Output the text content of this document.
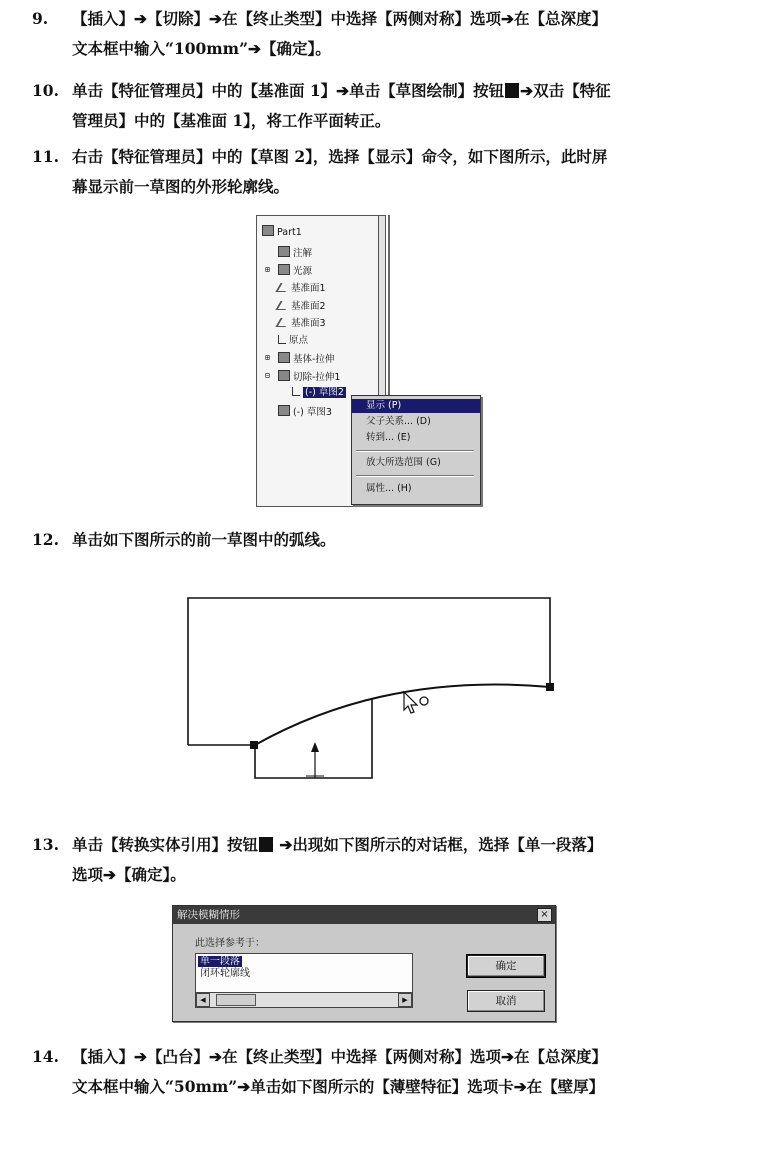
9.	【插入】➔【切除】➔在【终止类型】中选择【两侧对称】选项➔在【总深度】
文本框中输入“100mm”➔【确定】。
10. 单击【特征管理员】中的【基准面 1】➔单击【草图绘制】按钮 ➔双击【特征
管理员】中的【基准面 1】，将工作平面转正。
11. 右击【特征管理员】中的【草图 2】，选择【显示】命令，如下图所示，此时屏
幕显示前一草图的外形轮廓线。
Part1
注解
⊞	光源
基准面1
基准面2
基准面3
原点
⊞	基体-拉伸
⊟	切除-拉伸1
(-) 草图2
(-) 草图3
显示 (P)
父子关系... (D)
转到... (E)
放大所选范围 (G)
属性... (H)
12. 单击如下图所示的前一草图中的弧线。
13. 单击【转换实体引用】按钮 ➔出现如下图所示的对话框，选择【单一段落】
选项➔【确定】。
解决模糊情形	×
此选择参考于：
单一段落
闭环轮廓线
◀	▶
确定
取消
14. 【插入】➔【凸台】➔在【终止类型】中选择【两侧对称】选项➔在【总深度】
文本框中输入“50mm”➔单击如下图所示的【薄壁特征】选项卡➔在【壁厚】
